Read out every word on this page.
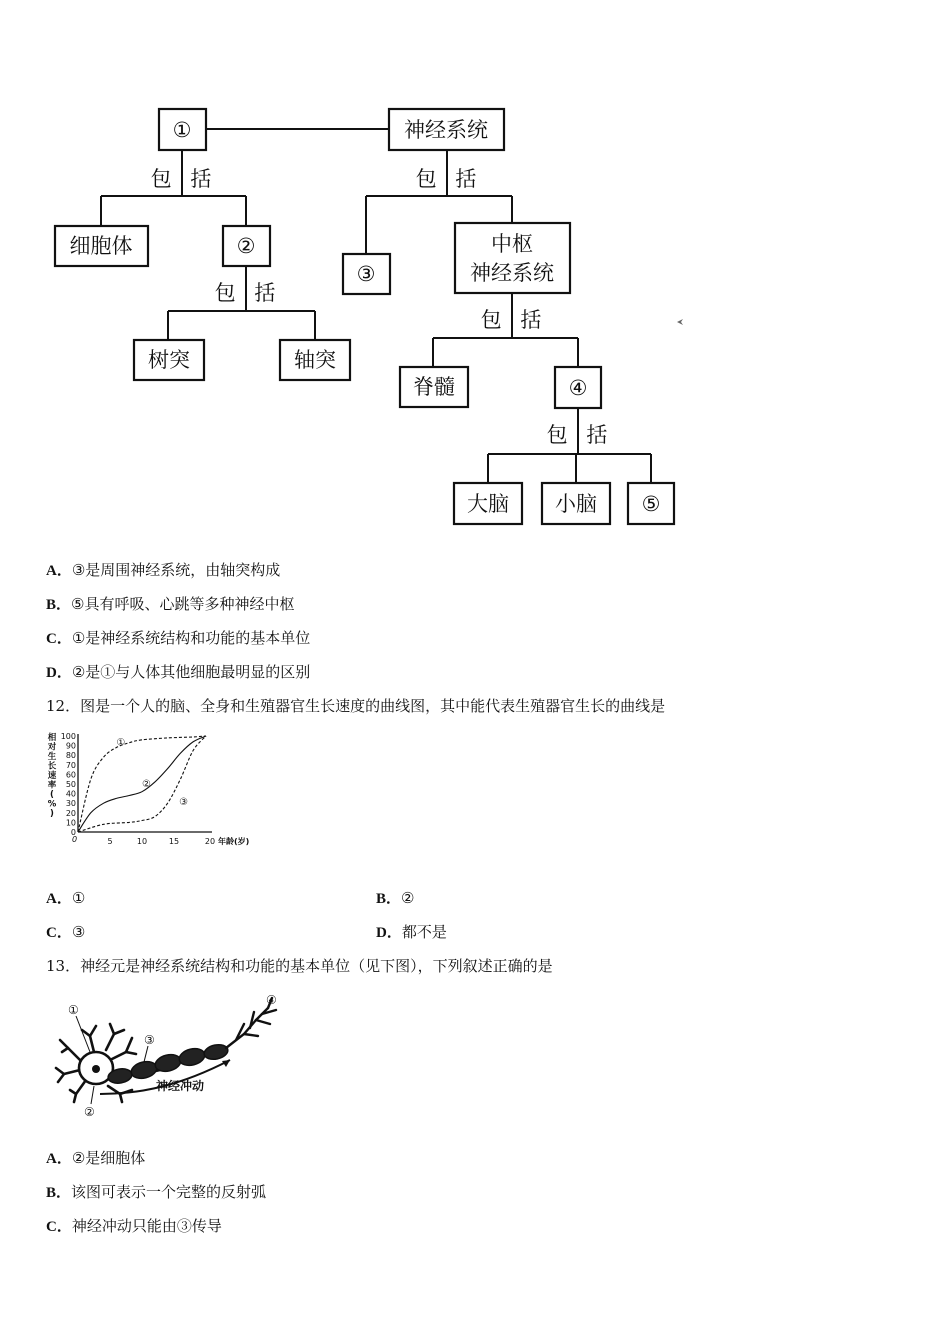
①	神经系统
包 括	包 括
细胞体	②
③
中枢
神经系统
包 括
包 括
树突	轴突
脊髓	④
包 括
大脑 小脑 ⑤
A．③是周围神经系统，由轴突构成
B．⑤具有呼吸、心跳等多种神经中枢
C．①是神经系统结构和功能的基本单位
D．②是①与人体其他细胞最明显的区别
12．图是一个人的脑、全身和生殖器官生长速度的曲线图，其中能代表生殖器官生长的曲线是
0
10
20
30
40
50
60
70
80
90
100
0	5	10	15	20 年龄(岁)
相
对
生
长
速
率
(
%
)
①
②
③
A．①	B．②
C．③	D．都不是
13．神经元是神经系统结构和功能的基本单位（见下图），下列叙述正确的是
神经冲动
①
②
③
④
A．②是细胞体
B．该图可表示一个完整的反射弧
C．神经冲动只能由③传导
